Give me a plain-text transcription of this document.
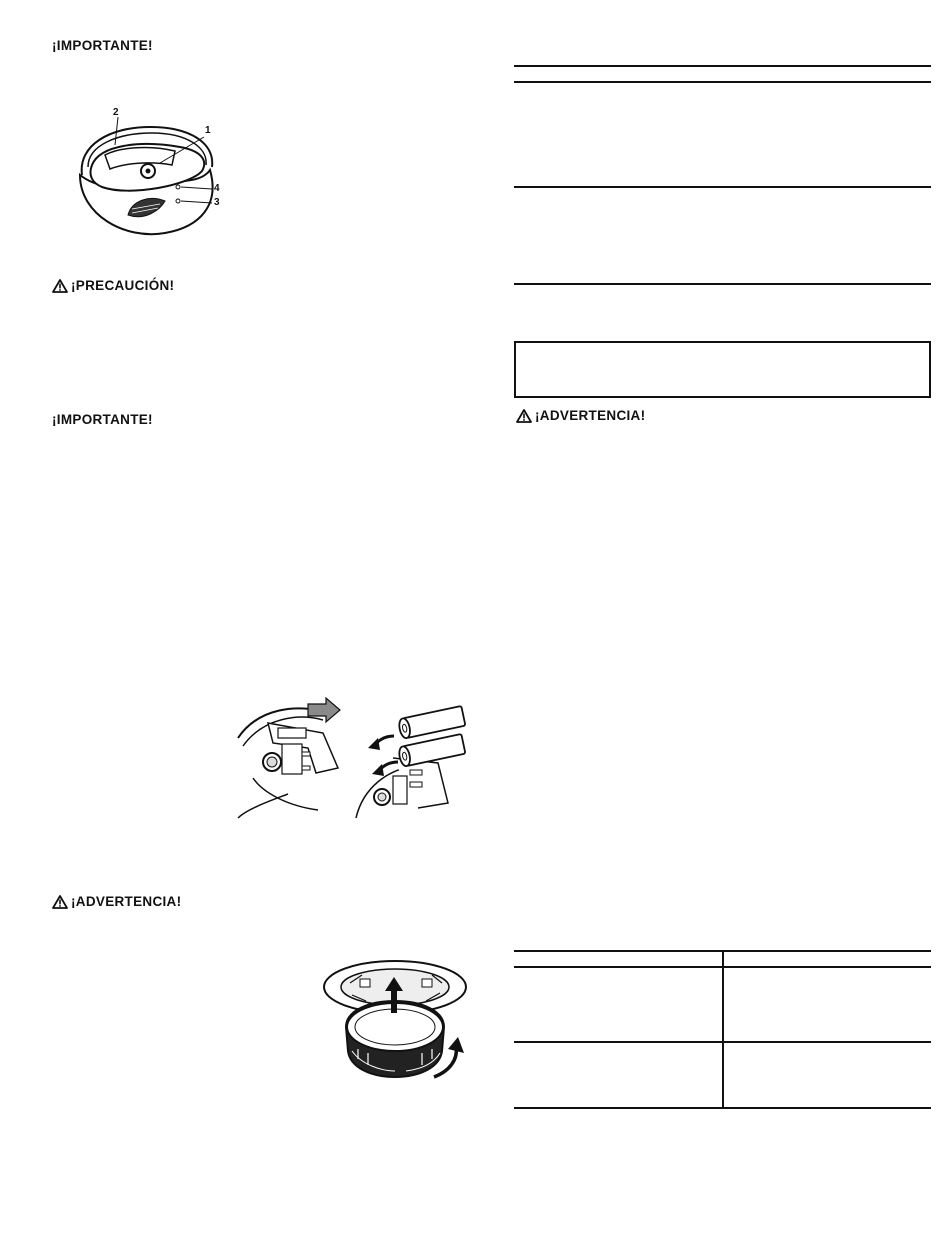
¡IMPORTANTE!
¡PRECAUCIÓN!
¡IMPORTANTE!
¡ADVERTENCIA!
2
1
4
3
¡ADVERTENCIA!
